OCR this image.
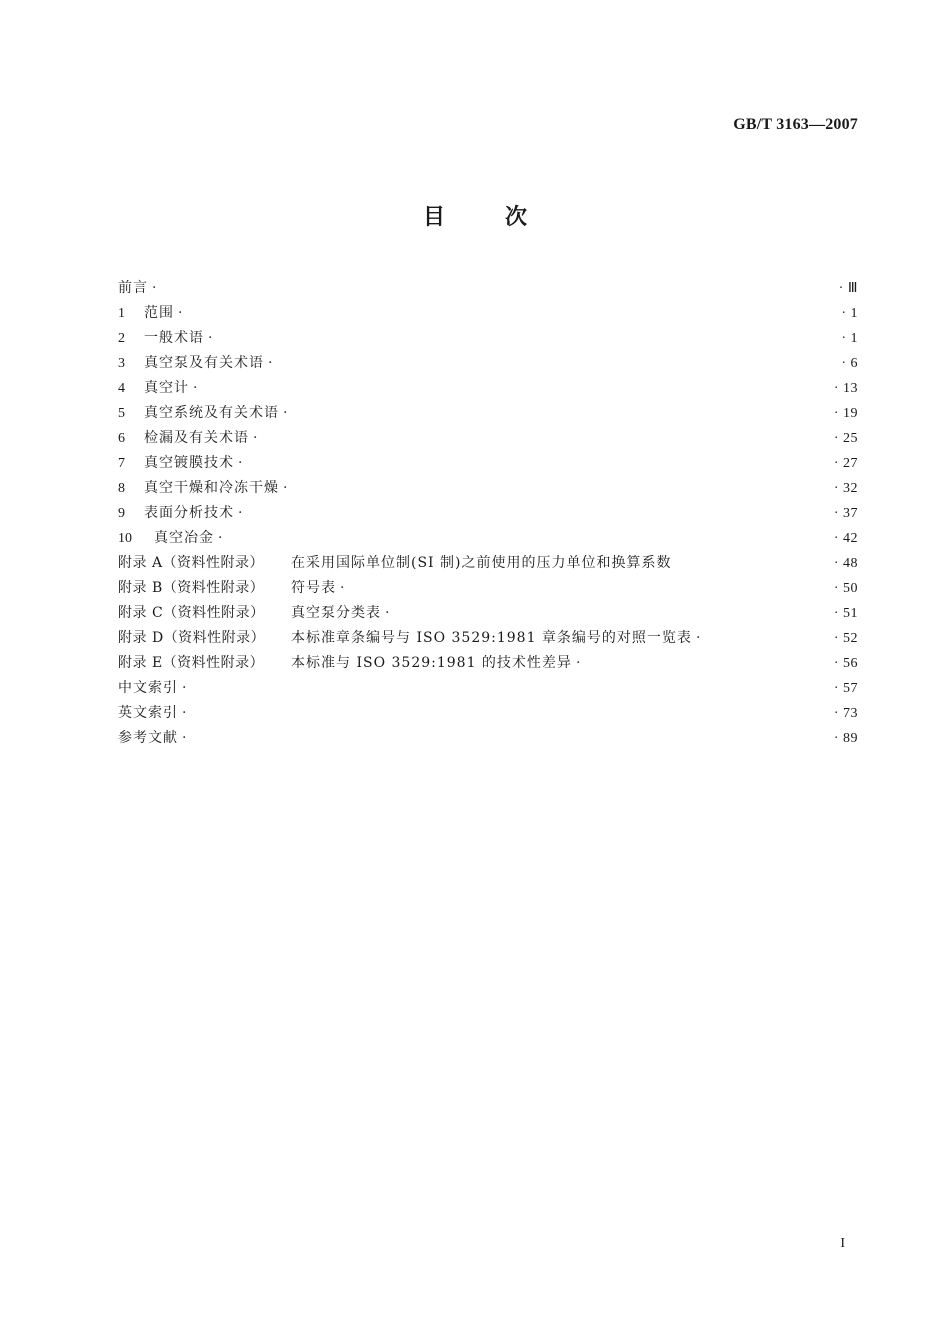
GB/T 3163—2007
目次
前言 ·	· Ⅲ
1 范围 ·	· 1
2 一般术语 ·	· 1
3 真空泵及有关术语 ·	· 6
4 真空计 ·	· 13
5 真空系统及有关术语 ·	· 19
6 检漏及有关术语 ·	· 25
7 真空镀膜技术 ·	· 27
8 真空干燥和冷冻干燥 ·	· 32
9 表面分析技术 ·	· 37
10 真空冶金 ·	· 42
附录 A（资料性附录） 在采用国际单位制(SI 制)之前使用的压力单位和换算系数	· 48
附录 B（资料性附录） 符号表 ·	· 50
附录 C（资料性附录） 真空泵分类表 ·	· 51
附录 D（资料性附录） 本标准章条编号与 ISO 3529:1981 章条编号的对照一览表 ·	· 52
附录 E（资料性附录） 本标准与 ISO 3529:1981 的技术性差异 ·	· 56
中文索引 ·	· 57
英文索引 ·	· 73
参考文献 ·	· 89
I
